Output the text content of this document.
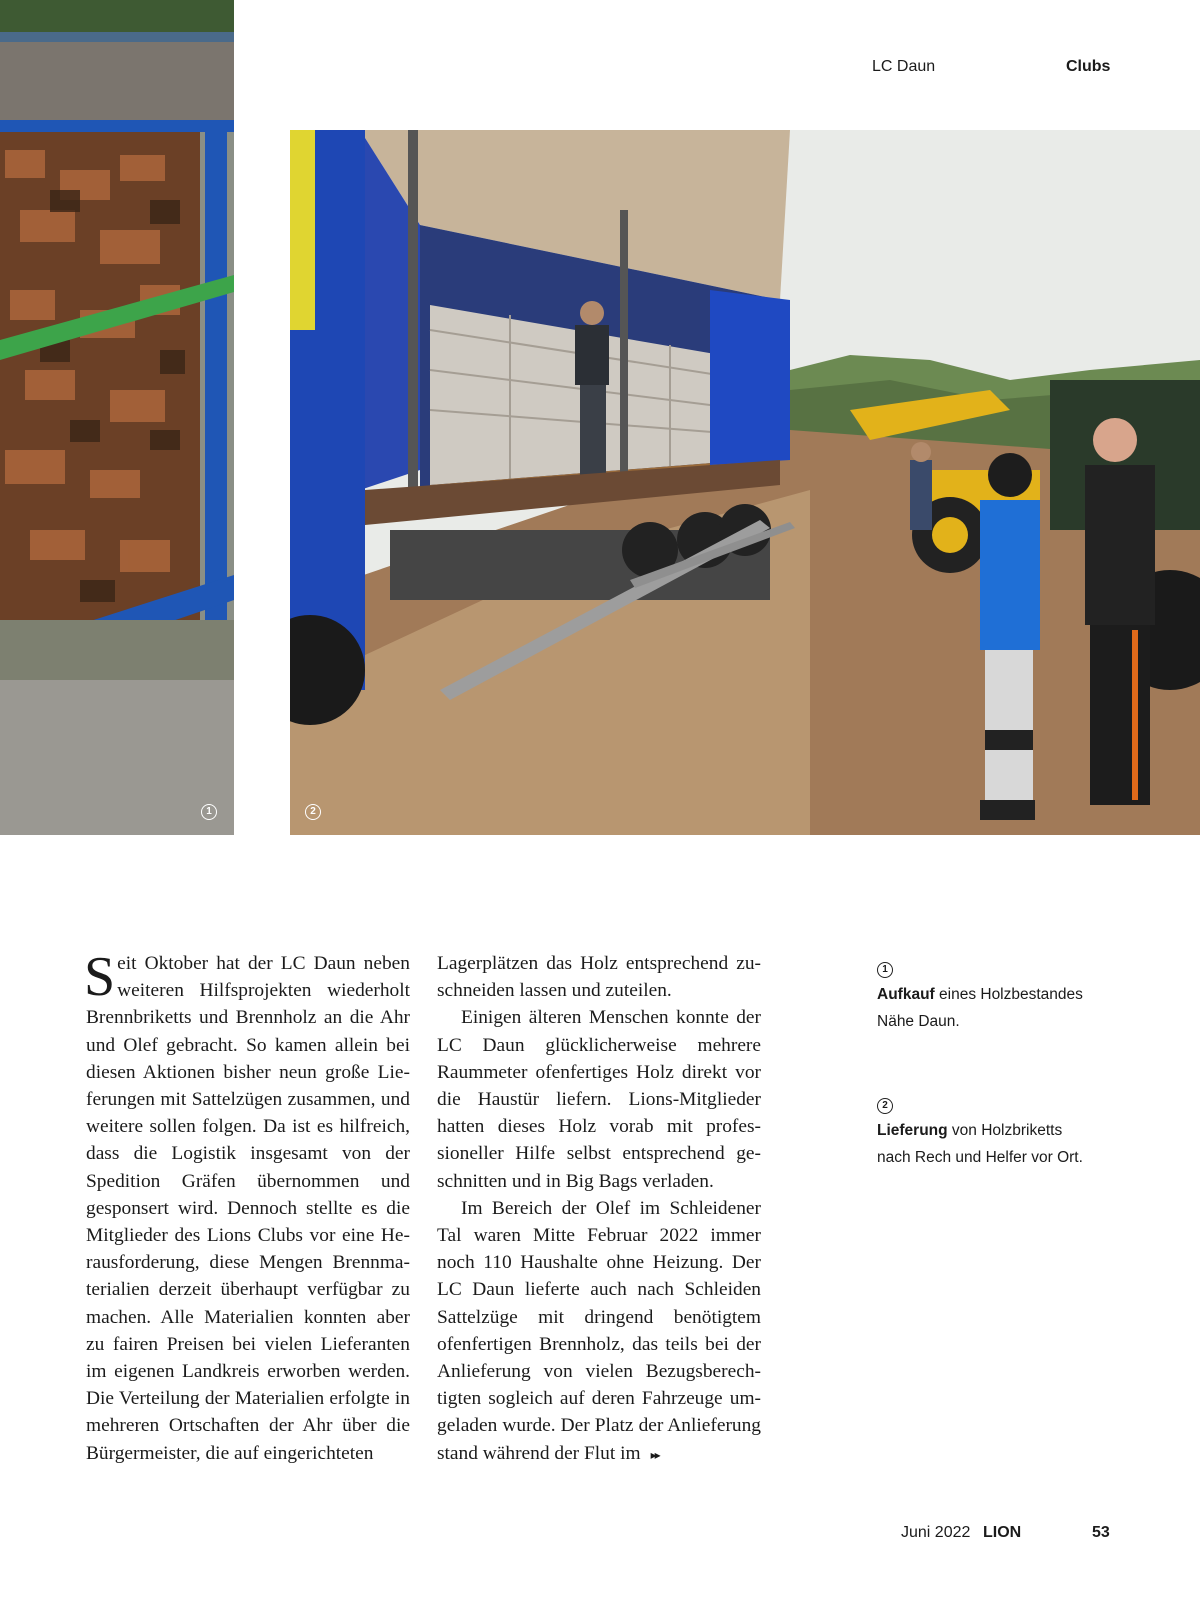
LC Daun	Clubs
1	2

Seit Oktober hat der LC Daun neben weiteren Hilfsprojekten wiederholt Brennbriketts und Brennholz an die Ahr und Olef gebracht. So kamen allein bei diesen Aktionen bisher neun große Lieferungen mit Sattelzügen zusammen, und weitere sollen folgen. Da ist es hilfreich, dass die Logistik insgesamt von der Spedition Gräfen übernommen und gesponsert wird. Dennoch stellte es die Mitglieder des Lions Clubs vor eine Herausforderung, diese Mengen Brennmaterialien derzeit überhaupt verfügbar zu machen. Alle Materialien konnten aber zu fairen Preisen bei vielen Lieferanten im eigenen Landkreis erworben werden. Die Verteilung der Materialien erfolgte in mehreren Ortschaften der Ahr über die Bürgermeister, die auf eingerichteten

Lagerplätzen das Holz entsprechend zuschneiden lassen und zuteilen.

Einigen älteren Menschen konnte der LC Daun glücklicherweise mehrere Raummeter ofenfertiges Holz direkt vor die Haustür liefern. Lions-Mitglieder hatten dieses Holz vorab mit professioneller Hilfe selbst entsprechend geschnitten und in Big Bags verladen.

Im Bereich der Olef im Schleidener Tal waren Mitte Februar 2022 immer noch 110 Haushalte ohne Heizung. Der LC Daun lieferte auch nach Schleiden Sattelzüge mit dringend benötigtem ofenfertigen Brennholz, das teils bei der Anlieferung von vielen Bezugsberechtigten sogleich auf deren Fahrzeuge umgeladen wurde. Der Platz der Anlieferung stand während der Flut im ▸▸

1
Aufkauf eines Holzbestandes
Nähe Daun.
2
Lieferung von Holzbriketts
nach Rech und Helfer vor Ort.
Juni 2022 LION	53
